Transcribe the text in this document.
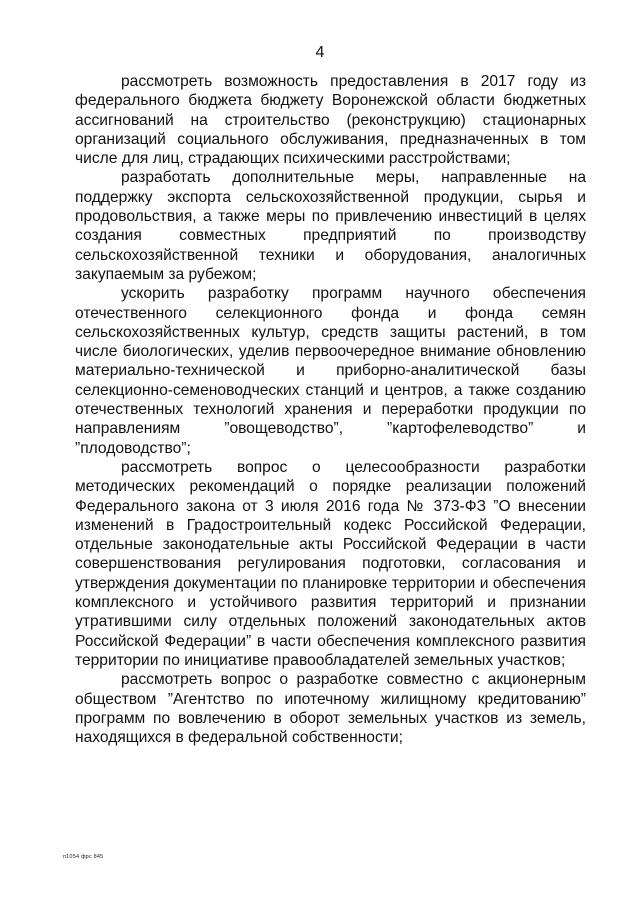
4

рассмотреть возможность предоставления в 2017 году из федерального бюджета бюджету Воронежской области бюджетных ассигнований на строительство (реконструкцию) стационарных организаций социального обслуживания, предназначенных в том числе для лиц, страдающих психическими расстройствами;

разработать дополнительные меры, направленные на поддержку экспорта сельскохозяйственной продукции, сырья и продовольствия, а также меры по привлечению инвестиций в целях создания совместных предприятий по производству сельскохозяйственной техники и оборудования, аналогичных закупаемым за рубежом;

ускорить разработку программ научного обеспечения отечественного селекционного фонда и фонда семян сельскохозяйственных культур, средств защиты растений, в том числе биологических, уделив первоочередное внимание обновлению материально-технической и приборно-аналитической базы селекционно-семеноводческих станций и центров, а также созданию отечественных технологий хранения и переработки продукции по направлениям ”овощеводство”, ”картофелеводство” и ”плодоводство”;

рассмотреть вопрос о целесообразности разработки методических рекомендаций о порядке реализации положений Федерального закона от 3 июля 2016 года № 373-ФЗ ”О внесении изменений в Градостроительный кодекс Российской Федерации, отдельные законодательные акты Российской Федерации в части совершенствования регулирования подготовки, согласования и утверждения документации по планировке территории и обеспечения комплексного и устойчивого развития территорий и признании утратившими силу отдельных положений законодательных актов Российской Федерации” в части обеспечения комплексного развития территории по инициативе правообладателей земельных участков;

рассмотреть вопрос о разработке совместно с акционерным обществом ”Агентство по ипотечному жилищному кредитованию” программ по вовлечению в оборот земельных участков из земель, находящихся в федеральной собственности;

п1054 фрс 845
